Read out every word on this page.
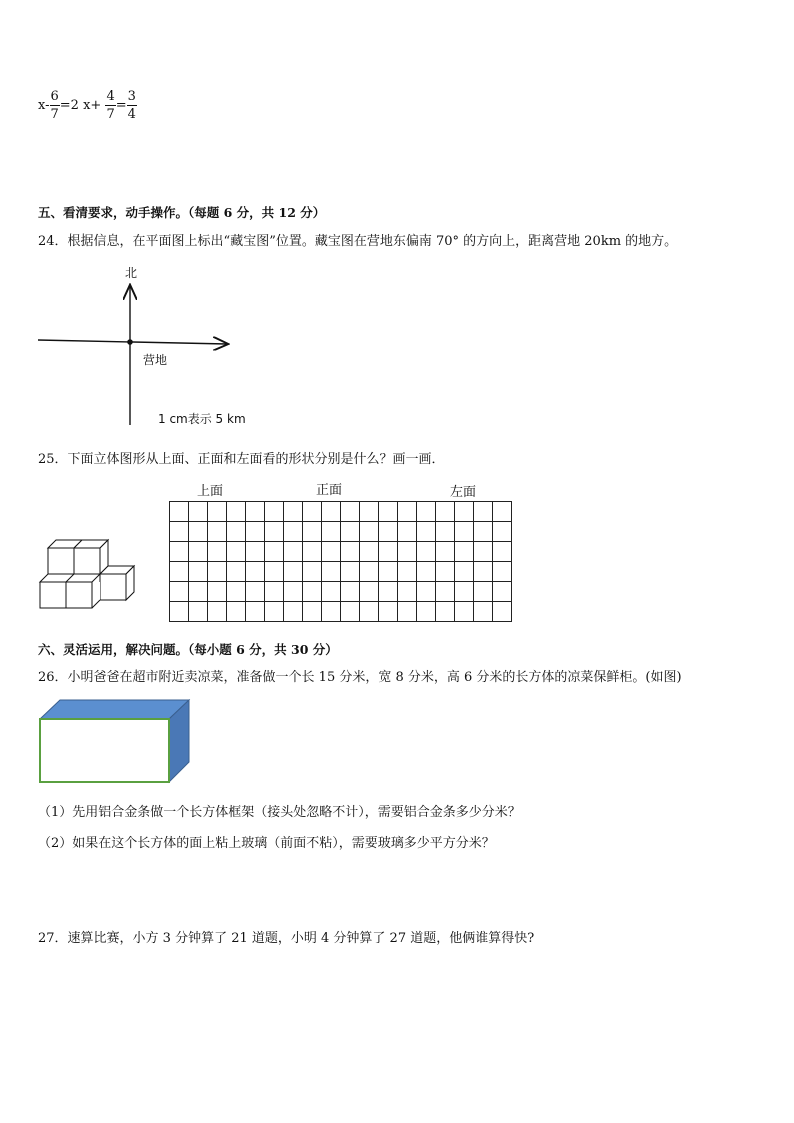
$x- \frac{6}{7} =2$ $x+ \frac{4}{7} = \frac{3}{4}$
五、看清要求，动手操作。（每题 6 分，共 12 分）
24．根据信息，在平面图上标出“藏宝图”位置。藏宝图在营地东偏南 70° 的方向上，距离营地 20km 的地方。
北
营地
1 cm表示 5 km
25．下面立体图形从上面、正面和左面看的形状分别是什么？画一画．
上面	正面	左面

六、灵活运用，解决问题。（每小题 6 分，共 30 分）
26．小明爸爸在超市附近卖凉菜，准备做一个长 15 分米，宽 8 分米，高 6 分米的长方体的凉菜保鲜柜。(如图)
（1）先用铝合金条做一个长方体框架（接头处忽略不计），需要铝合金条多少分米？
（2）如果在这个长方体的面上粘上玻璃（前面不粘），需要玻璃多少平方分米？
27．速算比赛，小方 3 分钟算了 21 道题，小明 4 分钟算了 27 道题，他俩谁算得快?
